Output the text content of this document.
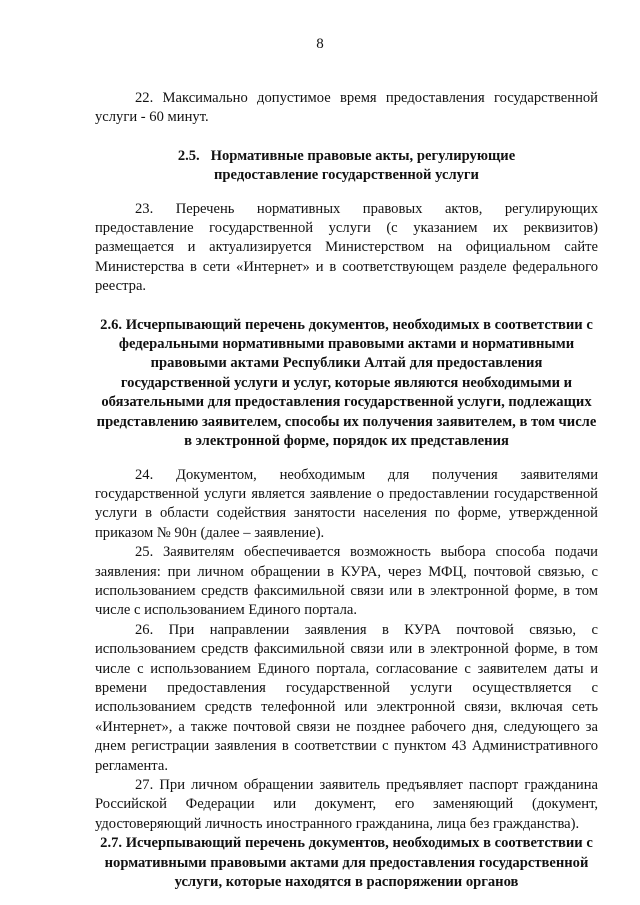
8

22. Максимально допустимое время предоставления государственной услуги - 60 минут.

2.5. Нормативные правовые акты, регулирующие
предоставление государственной услуги

23. Перечень нормативных правовых актов, регулирующих предоставление государственной услуги (с указанием их реквизитов) размещается и актуализируется Министерством на официальном сайте Министерства в сети «Интернет» и в соответствующем разделе федерального реестра.

2.6. Исчерпывающий перечень документов, необходимых в соответствии с федеральными нормативными правовыми актами и нормативными правовыми актами Республики Алтай для предоставления государственной услуги и услуг, которые являются необходимыми и обязательными для предоставления государственной услуги, подлежащих представлению заявителем, способы их получения заявителем, в том числе в электронной форме, порядок их представления

24. Документом, необходимым для получения заявителями государственной услуги является заявление о предоставлении государственной услуги в области содействия занятости населения по форме, утвержденной приказом № 90н (далее – заявление).

25. Заявителям обеспечивается возможность выбора способа подачи заявления: при личном обращении в КУРА, через МФЦ, почтовой связью, с использованием средств факсимильной связи или в электронной форме, в том числе с использованием Единого портала.

26. При направлении заявления в КУРА почтовой связью, с использованием средств факсимильной связи или в электронной форме, в том числе с использованием Единого портала, согласование с заявителем даты и времени предоставления государственной услуги осуществляется с использованием средств телефонной или электронной связи, включая сеть «Интернет», а также почтовой связи не позднее рабочего дня, следующего за днем регистрации заявления в соответствии с пунктом 43 Административного регламента.

27. При личном обращении заявитель предъявляет паспорт гражданина Российской Федерации или документ, его заменяющий (документ, удостоверяющий личность иностранного гражданина, лица без гражданства).

2.7. Исчерпывающий перечень документов, необходимых в соответствии с нормативными правовыми актами для предоставления государственной услуги, которые находятся в распоряжении органов
